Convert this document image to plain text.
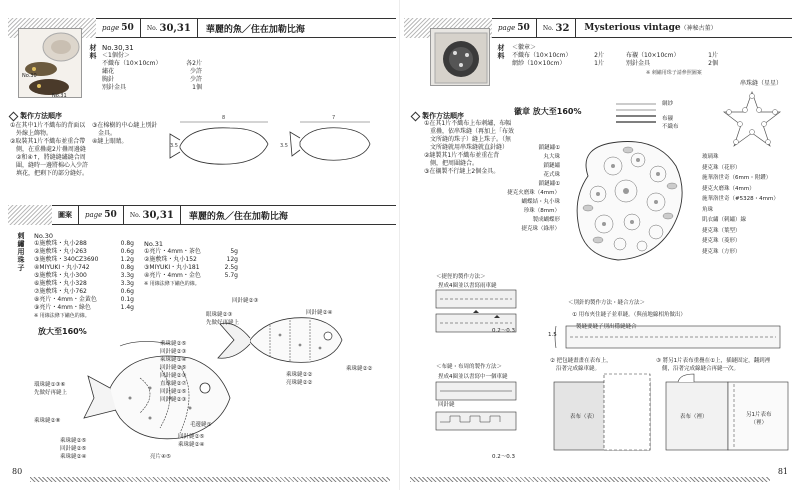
page 50 No. 30,31	華麗的魚／住在加勒比海
No.30
No.31
材料 No.30,31
＜1個份＞
不織布（10×10cm）	各2片
繡花	少許
胸針	少許
別針金具	1個
製作方法順序
①在其中1片不織布的背面以
　外線上飾物。
②取裝其1片不織布並重合帶
　側，在重疊處2片疊周邊縫
　②和④↑，將縫縫繡縫合周
　圍，縫時一邊將棉心入少許
　填花，把剩下的部分縫好。
③在棉樹的中心縫上別針
　金具。
④縫上眼睛。
8	7
3.5	3.5
圖案	page 50 No. 30,31	華麗的魚／住在加勒比海
刺繡用珠子 No.30
①施敷珠・丸小288	0.8g
②施敷珠・丸小263	0.6g
③施敷珠・340CZ3690	1.2g
④MIYUKI・丸小742	0.8g
⑤施敷珠・丸小300	3.3g
⑥施敷珠・丸小328	3.3g
⑦施敷珠・丸小762	0.6g
⑧亮片・4mm・金黃色	0.1g
⑨亮片・4mm・綠色	1.4g
※ 用線法條下繡色的線。
No.31
①亮片・4mm・茶色	5g
②施敷珠・丸小152	12g
③MIYUKI・丸小181	2.5g
④亮片・4mm・金色	5.7g
※ 用線法條下繡色的線。
放大至160%
乘珠縫②⑤
回針縫②③
乘珠縫①④
回針縫②⑤
回針縫②③
直珠縫②⑦
回針縫①⑤
回針縫②③
環珠縫①③⑥
先做好再縫上
乘珠縫②⑧
乘珠縫②⑤
回針縫②⑤
乘珠縫②④	亮片④⑤
毛邊縫①
回針縫②⑤
乘珠縫②④
回針縫②③
眼珠縫②③
先做好再縫上
回針縫②④
乘珠縫②②
亮珠縫②②
乘珠縫②②
80
page 50 No. 32	Mysterious vintage（神秘古董）
材料 ＜徽章＞
不織布（10×10cm）	2片
網紗（10×10cm）	1片
布襯（10×10cm）	1片
別針金具	2個
※ 刺繡用珠子請參照圖案
串珠縫（星星）
製作方法順序
①在其1片不織布上布刺繡，布幅
　重疊，依串珠縫（再加上「布效
　文所縫的珠子）縫上珠子。（無
　文所縫就用串珠縫就直針縫）
②縫製其1片不織布並重在背
　側，把周圍縫合。
③在襯製不行縫上2個金具。
網紗
布襯
不織布
徽章 放大至160%
鎖鏈繡①
丸大珠
鎖鏈繡
花式珠
鎖鏈繡①
捷克火磨珠（4mm）
蝴蝶結・丸小珠
珍珠（8mm）
製成蝴蝶形
捷克珠（綠形）
玻璃珠
捷克珠（花形）
施華洛世奇（6mm・附鑽）
捷克火磨珠（4mm）
施華洛世奇（#5328・4mm）
角珠
肌衣繡（刺繡）線
捷克珠（葉型）
捷克珠（菱形）
捷克珠（方形）
＜捷徑的製作方法＞
捏成4圈並以書寫雨車縫
0.2～0.3
＜布縫・布周的製作方法＞
捏成4圈並以書寫中一個車縫
回針縫
0.2～0.3
＜別針的製作方法・縫合方法＞
① 用布夾住縫子並車縫。（與前地線相角做出）
製縫要縫子別出穩縫縫合
1.5
② 把包縫畫畫在表布上，
沿著完成線車縫。
③ 將另1片表布重疊在①上，插縫固定，翻到裡
側，沿著完成線縫合再縫一次。
表布（表）	表布（裡）	另1片表布
（裡）
81
